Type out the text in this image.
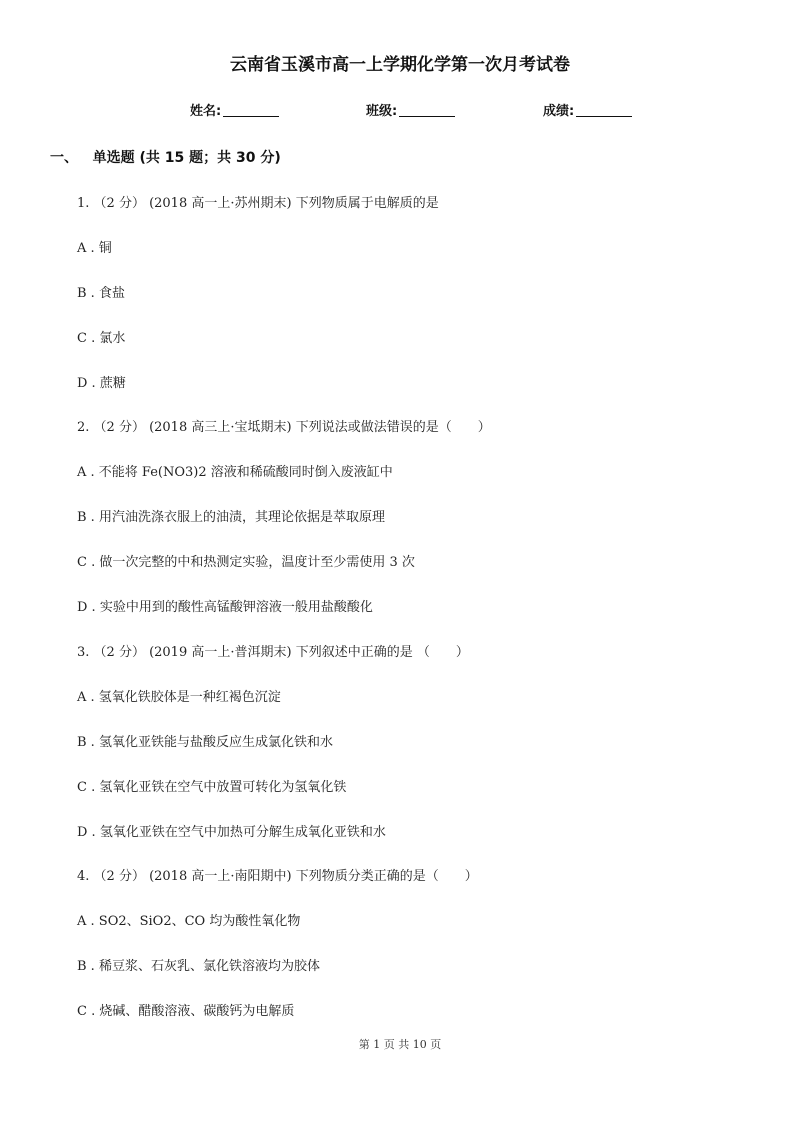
云南省玉溪市高一上学期化学第一次月考试卷
姓名:	班级:	成绩:
一、 单选题 (共 15 题；共 30 分)
1. （2 分） (2018 高一上·苏州期末) 下列物质属于电解质的是
A . 铜
B . 食盐
C . 氯水
D . 蔗糖
2. （2 分） (2018 高三上·宝坻期末) 下列说法或做法错误的是（　　）
A . 不能将 Fe(NO3)2 溶液和稀硫酸同时倒入废液缸中
B . 用汽油洗涤衣服上的油渍，其理论依据是萃取原理
C . 做一次完整的中和热测定实验，温度计至少需使用 3 次
D . 实验中用到的酸性高锰酸钾溶液一般用盐酸酸化
3. （2 分） (2019 高一上·普洱期末) 下列叙述中正确的是 （　　）
A . 氢氧化铁胶体是一种红褐色沉淀
B . 氢氧化亚铁能与盐酸反应生成氯化铁和水
C . 氢氧化亚铁在空气中放置可转化为氢氧化铁
D . 氢氧化亚铁在空气中加热可分解生成氧化亚铁和水
4. （2 分） (2018 高一上·南阳期中) 下列物质分类正确的是（　　）
A . SO2、SiO2、CO 均为酸性氧化物
B . 稀豆浆、石灰乳、氯化铁溶液均为胶体
C . 烧碱、醋酸溶液、碳酸钙为电解质
第 1 页 共 10 页
